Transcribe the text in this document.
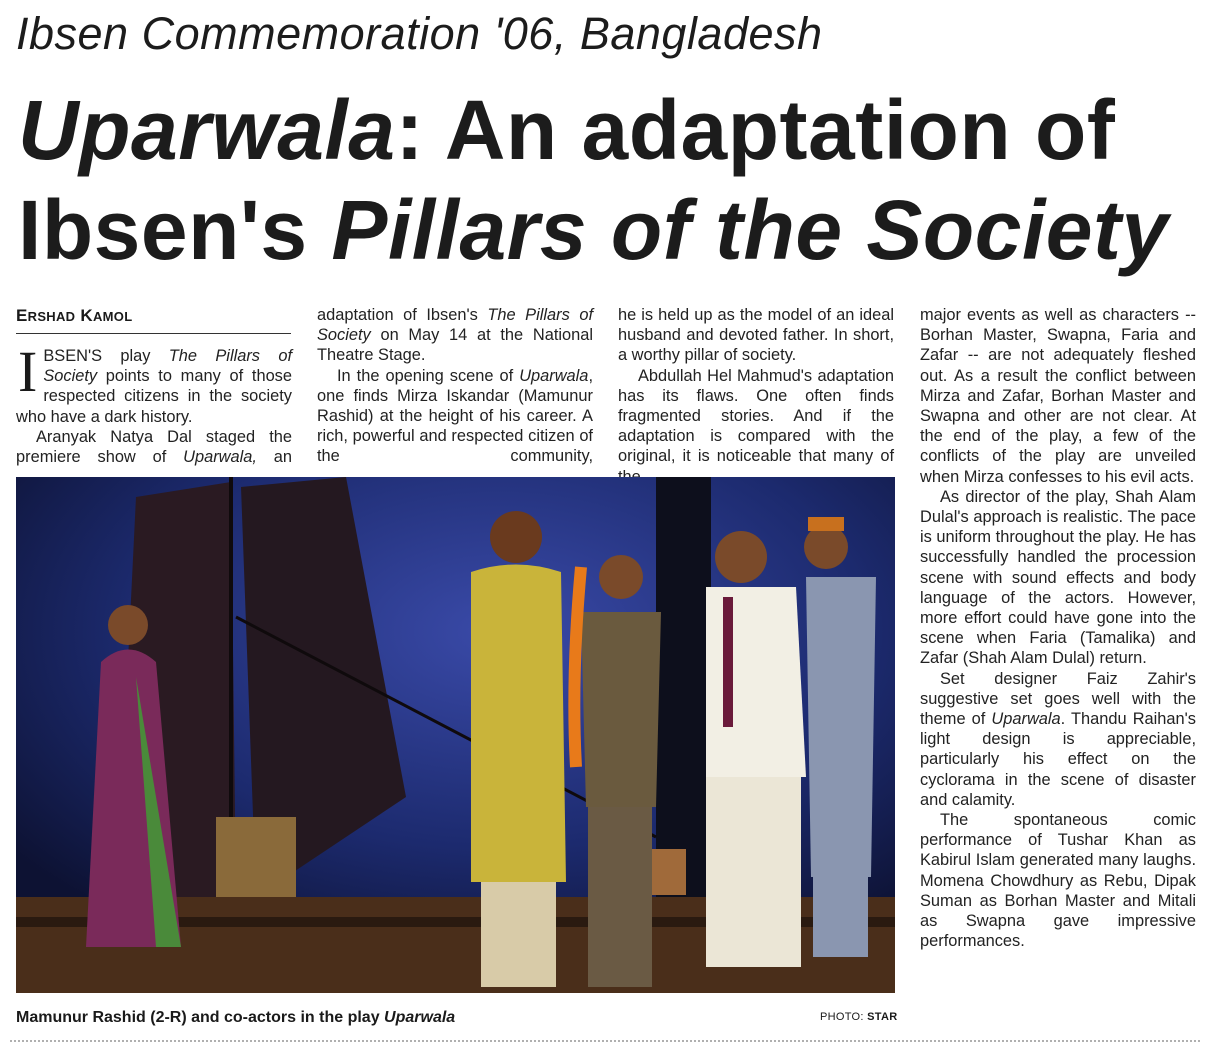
Ibsen Commemoration '06, Bangladesh
Uparwala: An adaptation of
Ibsen's Pillars of the Society
ERSHAD KAMOL

IBSEN'S play The Pillars of Society points to many of those respected citizens in the society who have a dark history.

Aranyak Natya Dal staged the premiere show of Uparwala, an

adaptation of Ibsen's The Pillars of Society on May 14 at the National Theatre Stage.

In the opening scene of Uparwala, one finds Mirza Iskandar (Mamunur Rashid) at the height of his career. A rich, powerful and respected citizen of the community,

he is held up as the model of an ideal husband and devoted father. In short, a worthy pillar of society.

Abdullah Hel Mahmud's adaptation has its flaws. One often finds fragmented stories. And if the adaptation is compared with the original, it is noticeable that many of

major events as well as characters -- Borhan Master, Swapna, Faria and Zafar -- are not adequately fleshed out. As a result the conflict between Mirza and Zafar, Borhan Master and Swapna and other are not clear. At the end of the play, a few of the conflicts of the play are unveiled when Mirza confesses to his evil acts.

As director of the play, Shah Alam Dulal's approach is realistic. The pace is uniform throughout the play. He has successfully handled the procession scene with sound effects and body language of the actors. However, more effort could have gone into the scene when Faria (Tamalika) and Zafar (Shah Alam Dulal) return.

Set designer Faiz Zahir's suggestive set goes well with the theme of Uparwala. Thandu Raihan's light design is appreciable, particularly his effect on the cyclorama in the scene of disaster and calamity.

The spontaneous comic performance of Tushar Khan as Kabirul Islam generated many laughs. Momena Chowdhury as Rebu, Dipak Suman as Borhan Master and Mitali as Swapna gave impressive performances.

Mamunur Rashid (2-R) and co-actors in the play Uparwala	PHOTO: STAR
